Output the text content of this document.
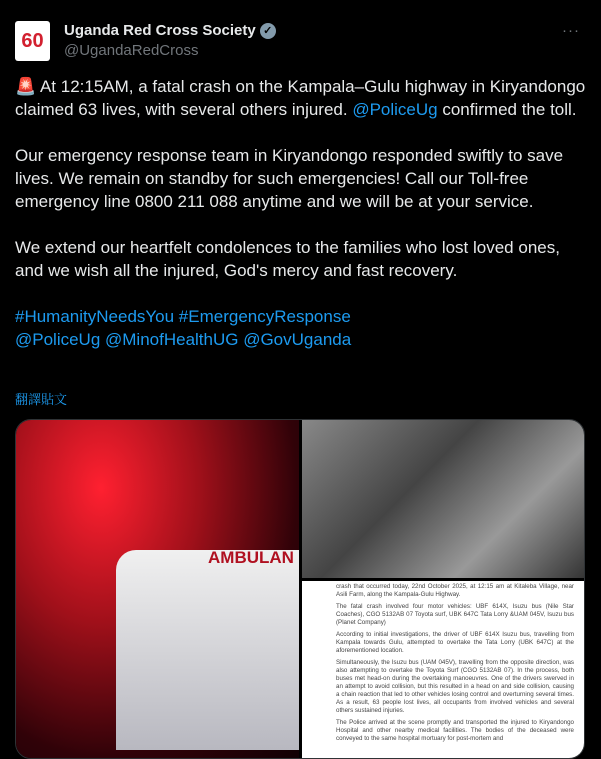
60 Uganda Red Cross Society ✓
@UgandaRedCross
···

🚨 At 12:15AM, a fatal crash on the Kampala–Gulu highway in Kiryandongo claimed 63 lives, with several others injured. @PoliceUg confirmed the toll.

Our emergency response team in Kiryandongo responded swiftly to save lives. We remain on standby for such emergencies! Call our Toll-free emergency line 0800 211 088 anytime and we will be at your service.

We extend our heartfelt condolences to the families who lost loved ones, and we wish all the injured, God's mercy and fast recovery.

#HumanityNeedsYou #EmergencyResponse
@PoliceUg @MinofHealthUG @GovUganda
翻譯貼文
AMBULAN

crash that occurred today, 22nd October 2025, at 12:15 am at Kitaleba Village, near Asili Farm, along the Kampala-Gulu Highway.

The fatal crash involved four motor vehicles: UBF 614X, Isuzu bus (Nile Star Coaches), CGO 5132AB 07 Toyota surf, UBK 647C Tata Lorry &UAM 045V, Isuzu bus (Planet Company)

According to initial investigations, the driver of UBF 614X Isuzu bus, travelling from Kampala towards Gulu, attempted to overtake the Tata Lorry (UBK 647C) at the aforementioned location.

Simultaneously, the Isuzu bus (UAM 045V), travelling from the opposite direction, was also attempting to overtake the Toyota Surf (CGO 5132AB 07). In the process, both buses met head-on during the overtaking manoeuvres. One of the drivers swerved in an attempt to avoid collision, but this resulted in a head on and side collision, causing a chain reaction that led to other vehicles losing control and overturning several times. As a result, 63 people lost lives, all occupants from involved vehicles and several others sustained injuries.

The Police arrived at the scene promptly and transported the injured to Kiryandongo Hospital and other nearby medical facilities. The bodies of the deceased were conveyed to the same hospital mortuary for post-mortem and
